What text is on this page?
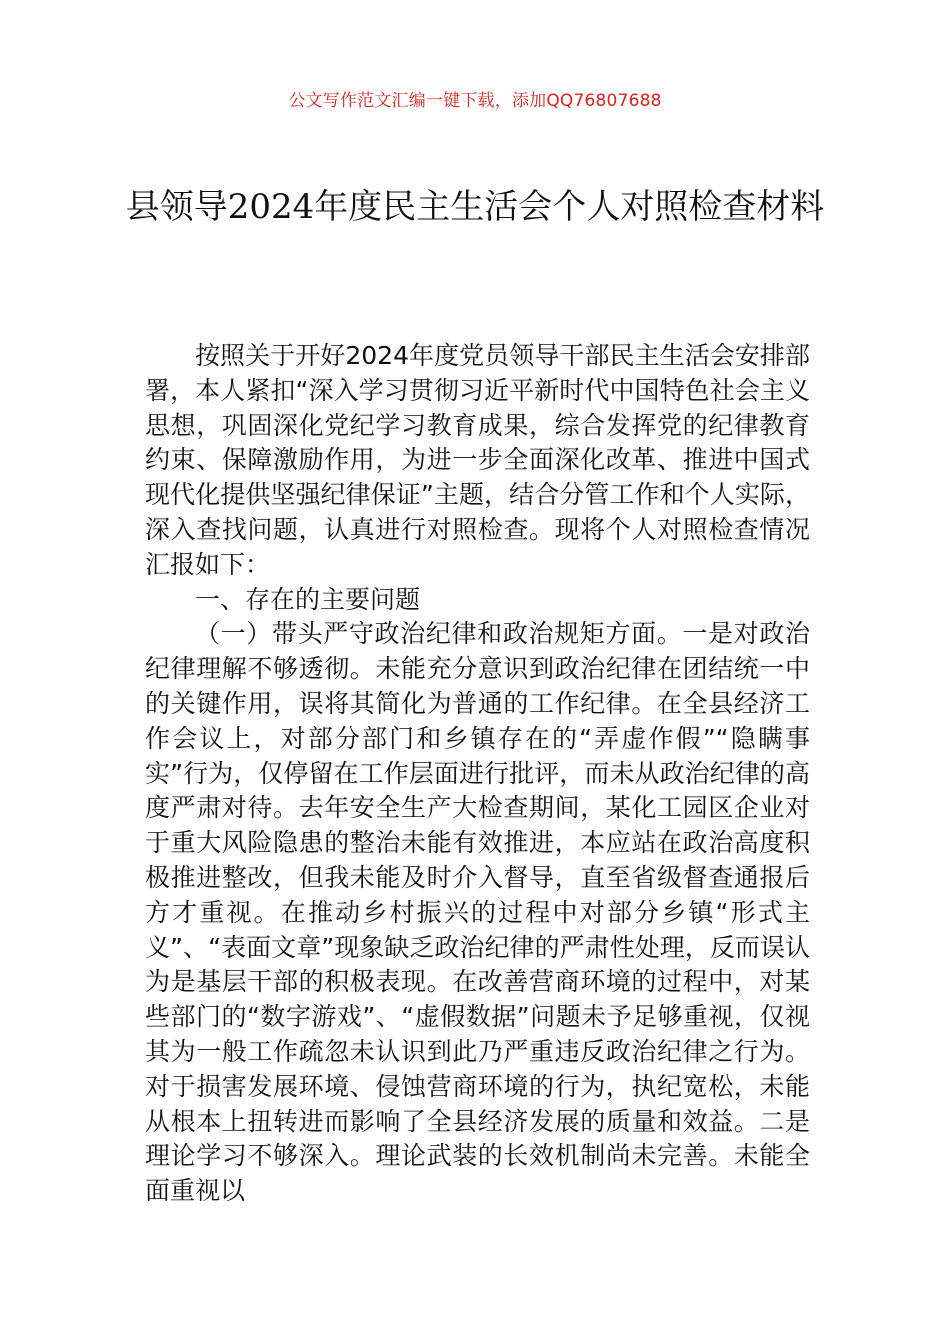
公文写作范文汇编一键下载，添加QQ76807688
县领导2024年度民主生活会个人对照检查材料

按照关于开好2024年度党员领导干部民主生活会安排部署，本人紧扣“深入学习贯彻习近平新时代中国特色社会主义思想，巩固深化党纪学习教育成果，综合发挥党的纪律教育约束、保障激励作用，为进一步全面深化改革、推进中国式现代化提供坚强纪律保证”主题，结合分管工作和个人实际，深入查找问题，认真进行对照检查。现将个人对照检查情况汇报如下：

一、存在的主要问题

（一）带头严守政治纪律和政治规矩方面。一是对政治纪律理解不够透彻。未能充分意识到政治纪律在团结统一中的关键作用，误将其简化为普通的工作纪律。在全县经济工作会议上，对部分部门和乡镇存在的“弄虚作假”“隐瞒事实”行为，仅停留在工作层面进行批评，而未从政治纪律的高度严肃对待。去年安全生产大检查期间，某化工园区企业对于重大风险隐患的整治未能有效推进，本应站在政治高度积极推进整改，但我未能及时介入督导，直至省级督查通报后方才重视。在推动乡村振兴的过程中对部分乡镇“形式主义”、“表面文章”现象缺乏政治纪律的严肃性处理，反而误认为是基层干部的积极表现。在改善营商环境的过程中，对某些部门的“数字游戏”、“虚假数据”问题未予足够重视，仅视其为一般工作疏忽未认识到此乃严重违反政治纪律之行为。对于损害发展环境、侵蚀营商环境的行为，执纪宽松，未能从根本上扭转进而影响了全县经济发展的质量和效益。二是理论学习不够深入。理论武装的长效机制尚未完善。未能全面重视以
